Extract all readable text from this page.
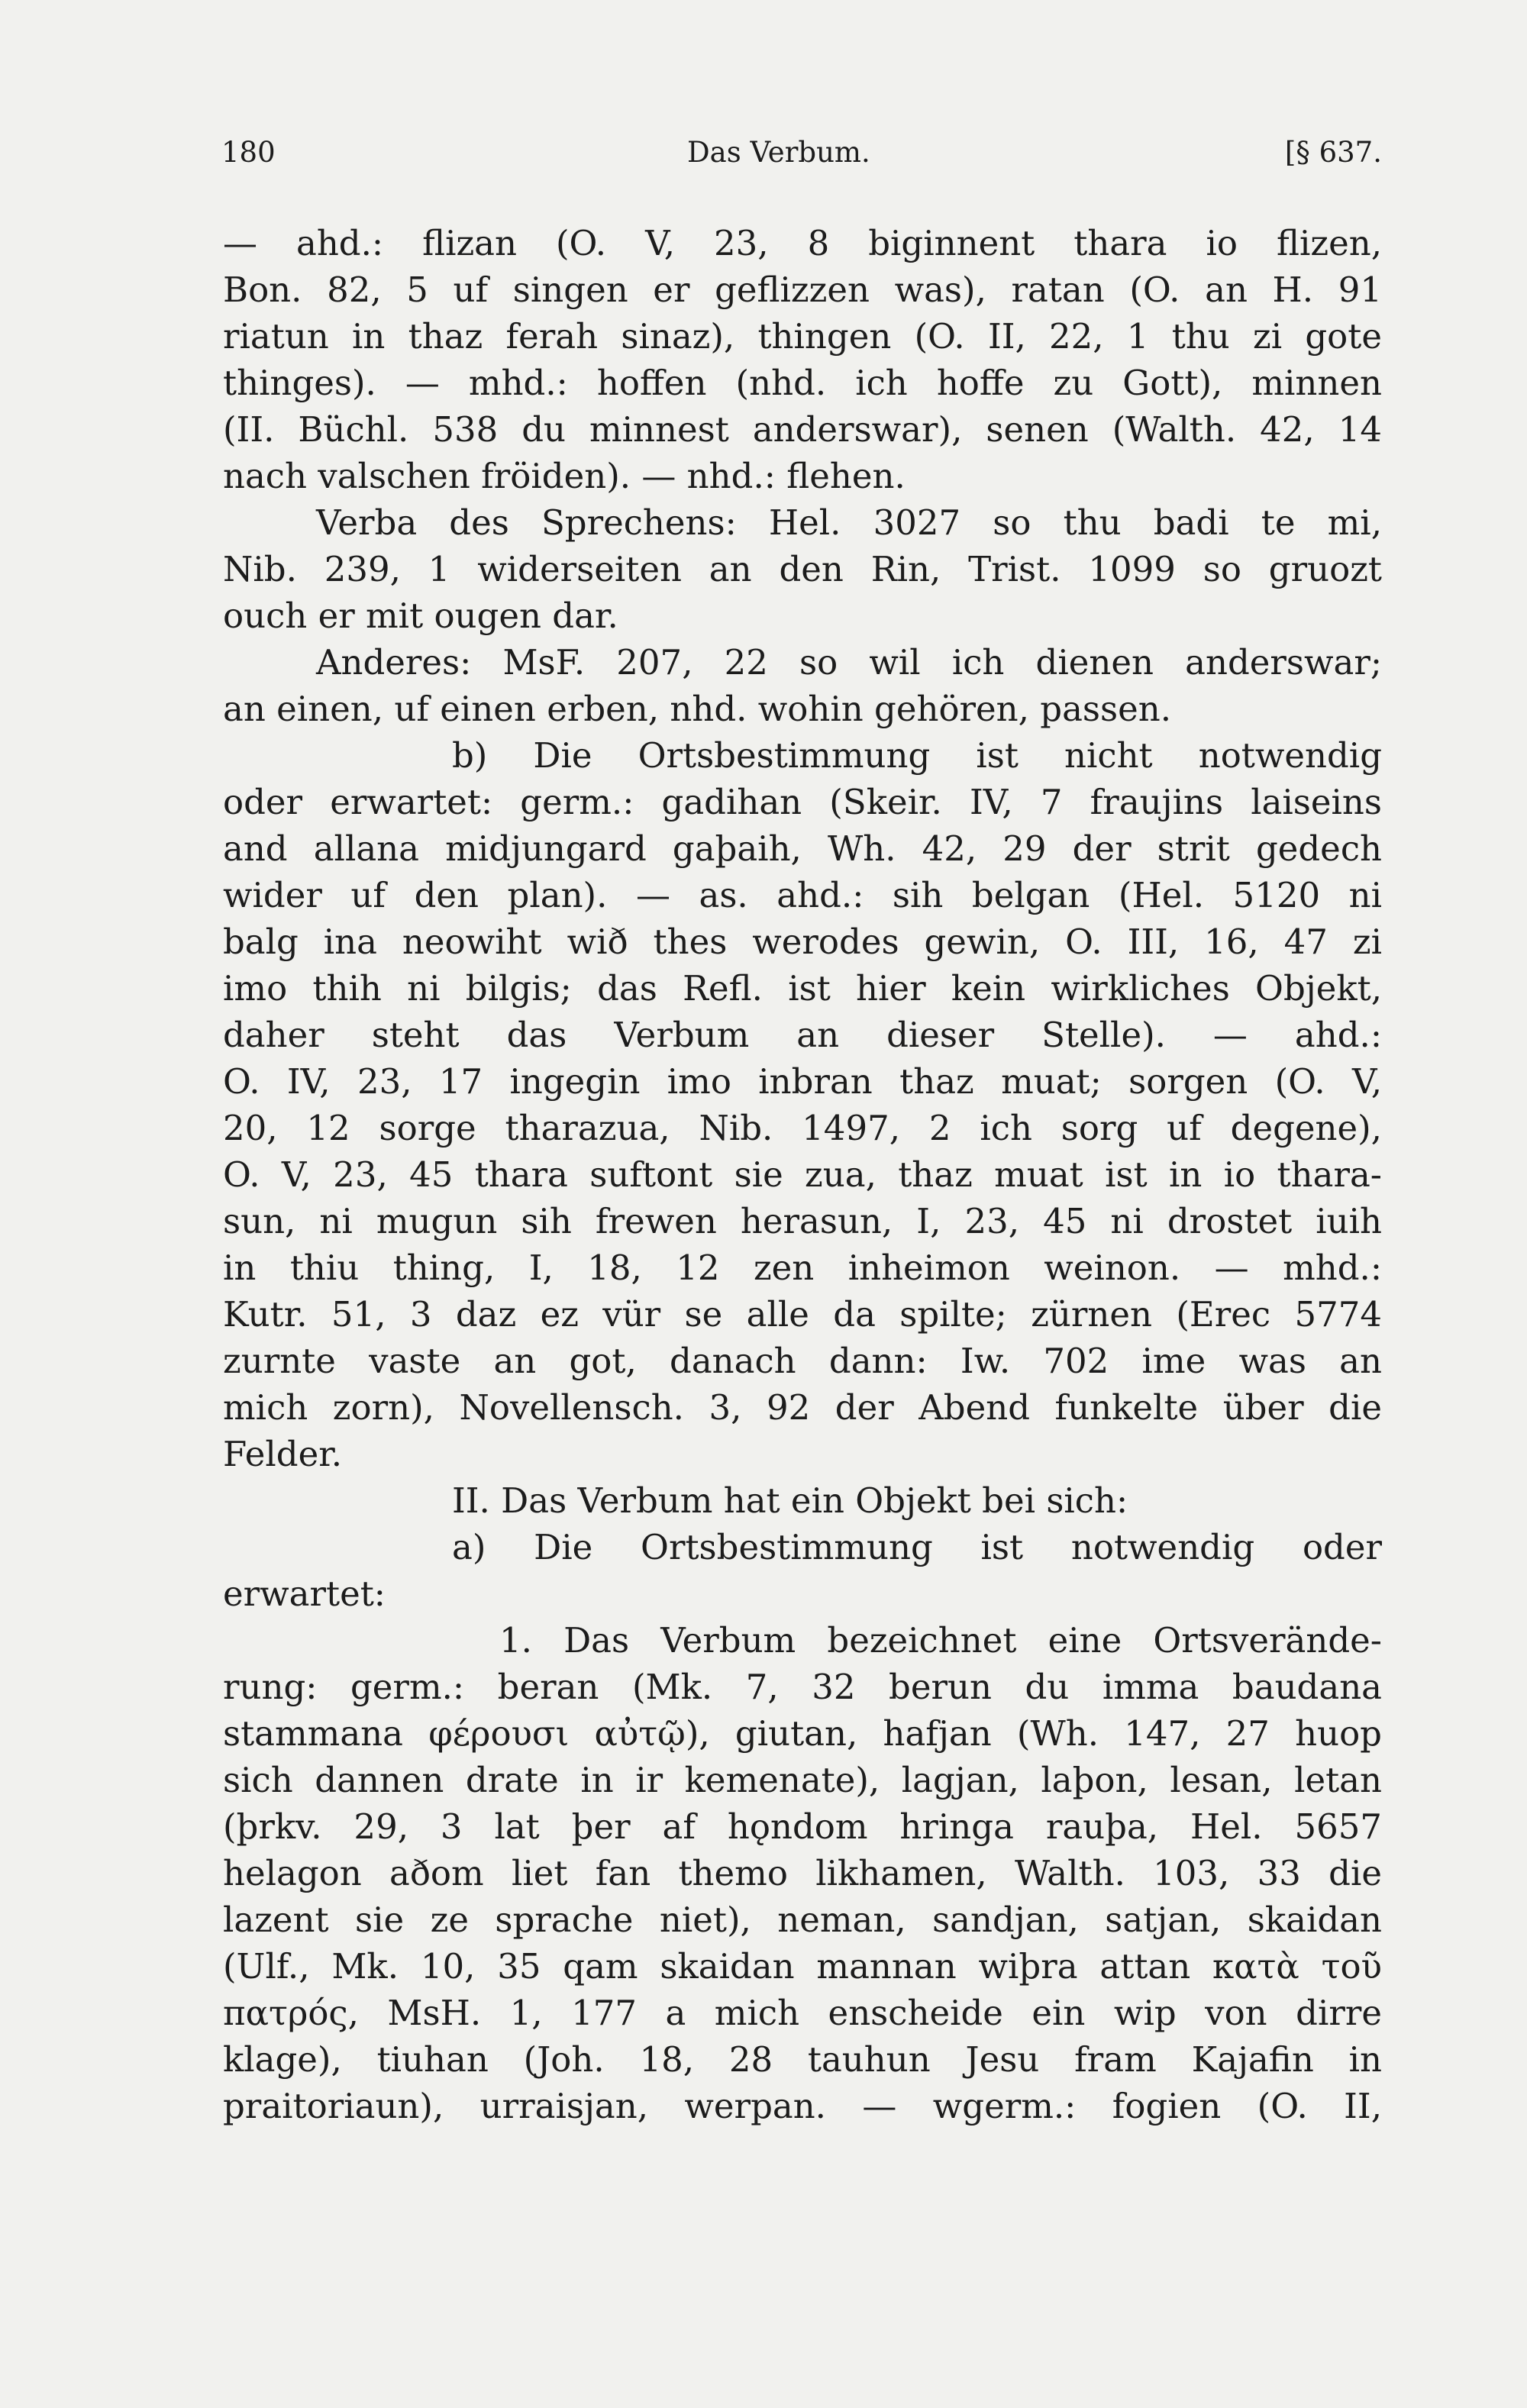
180	Das Verbum.	[§ 637.
— ahd.: flizan (O. V, 23, 8 biginnent thara io flizen,
Bon. 82, 5 uf singen er geflizzen was), ratan (O. an H. 91
riatun in thaz ferah sinaz), thingen (O. II, 22, 1 thu zi gote
thinges). — mhd.: hoffen (nhd. ich hoffe zu Gott), minnen
(II. Büchl. 538 du minnest anderswar), senen (Walth. 42, 14
nach valschen fröiden). — nhd.: flehen.
Verba des Sprechens: Hel. 3027 so thu badi te mi,
Nib. 239, 1 widerseiten an den Rin, Trist. 1099 so gruozt
ouch er mit ougen dar.
Anderes: MsF. 207, 22 so wil ich dienen anderswar;
an einen, uf einen erben, nhd. wohin gehören, passen.
b) Die Ortsbestimmung ist nicht notwendig
oder erwartet: germ.: gadihan (Skeir. IV, 7 fraujins laiseins
and allana midjungard gaþaih, Wh. 42, 29 der strit gedech
wider uf den plan). — as. ahd.: sih belgan (Hel. 5120 ni
balg ina neowiht wið thes werodes gewin, O. III, 16, 47 zi
imo thih ni bilgis; das Refl. ist hier kein wirkliches Objekt,
daher steht das Verbum an dieser Stelle). — ahd.:
O. IV, 23, 17 ingegin imo inbran thaz muat; sorgen (O. V,
20, 12 sorge tharazua, Nib. 1497, 2 ich sorg uf degene),
O. V, 23, 45 thara suftont sie zua, thaz muat ist in io thara-
sun, ni mugun sih frewen herasun, I, 23, 45 ni drostet iuih
in thiu thing, I, 18, 12 zen inheimon weinon. — mhd.:
Kutr. 51, 3 daz ez vür se alle da spilte; zürnen (Erec 5774
zurnte vaste an got, danach dann: Iw. 702 ime was an
mich zorn), Novellensch. 3, 92 der Abend funkelte über die
Felder.
II. Das Verbum hat ein Objekt bei sich:
a) Die Ortsbestimmung ist notwendig oder
erwartet:
1. Das Verbum bezeichnet eine Ortsverände-
rung: germ.: beran (Mk. 7, 32 berun du imma baudana
stammana φέρουσι αὐτῷ), giutan, hafjan (Wh. 147, 27 huop
sich dannen drate in ir kemenate), lagjan, laþon, lesan, letan
(þrkv. 29, 3 lat þer af hǫndom hringa rauþa, Hel. 5657
helagon aðom liet fan themo likhamen, Walth. 103, 33 die
lazent sie ze sprache niet), neman, sandjan, satjan, skaidan
(Ulf., Mk. 10, 35 qam skaidan mannan wiþra attan κατὰ τοῦ
πατρός, MsH. 1, 177 a mich enscheide ein wip von dirre
klage), tiuhan (Joh. 18, 28 tauhun Jesu fram Kajafin in
praitoriaun), urraisjan, werpan. — wgerm.: fogien (O. II,
